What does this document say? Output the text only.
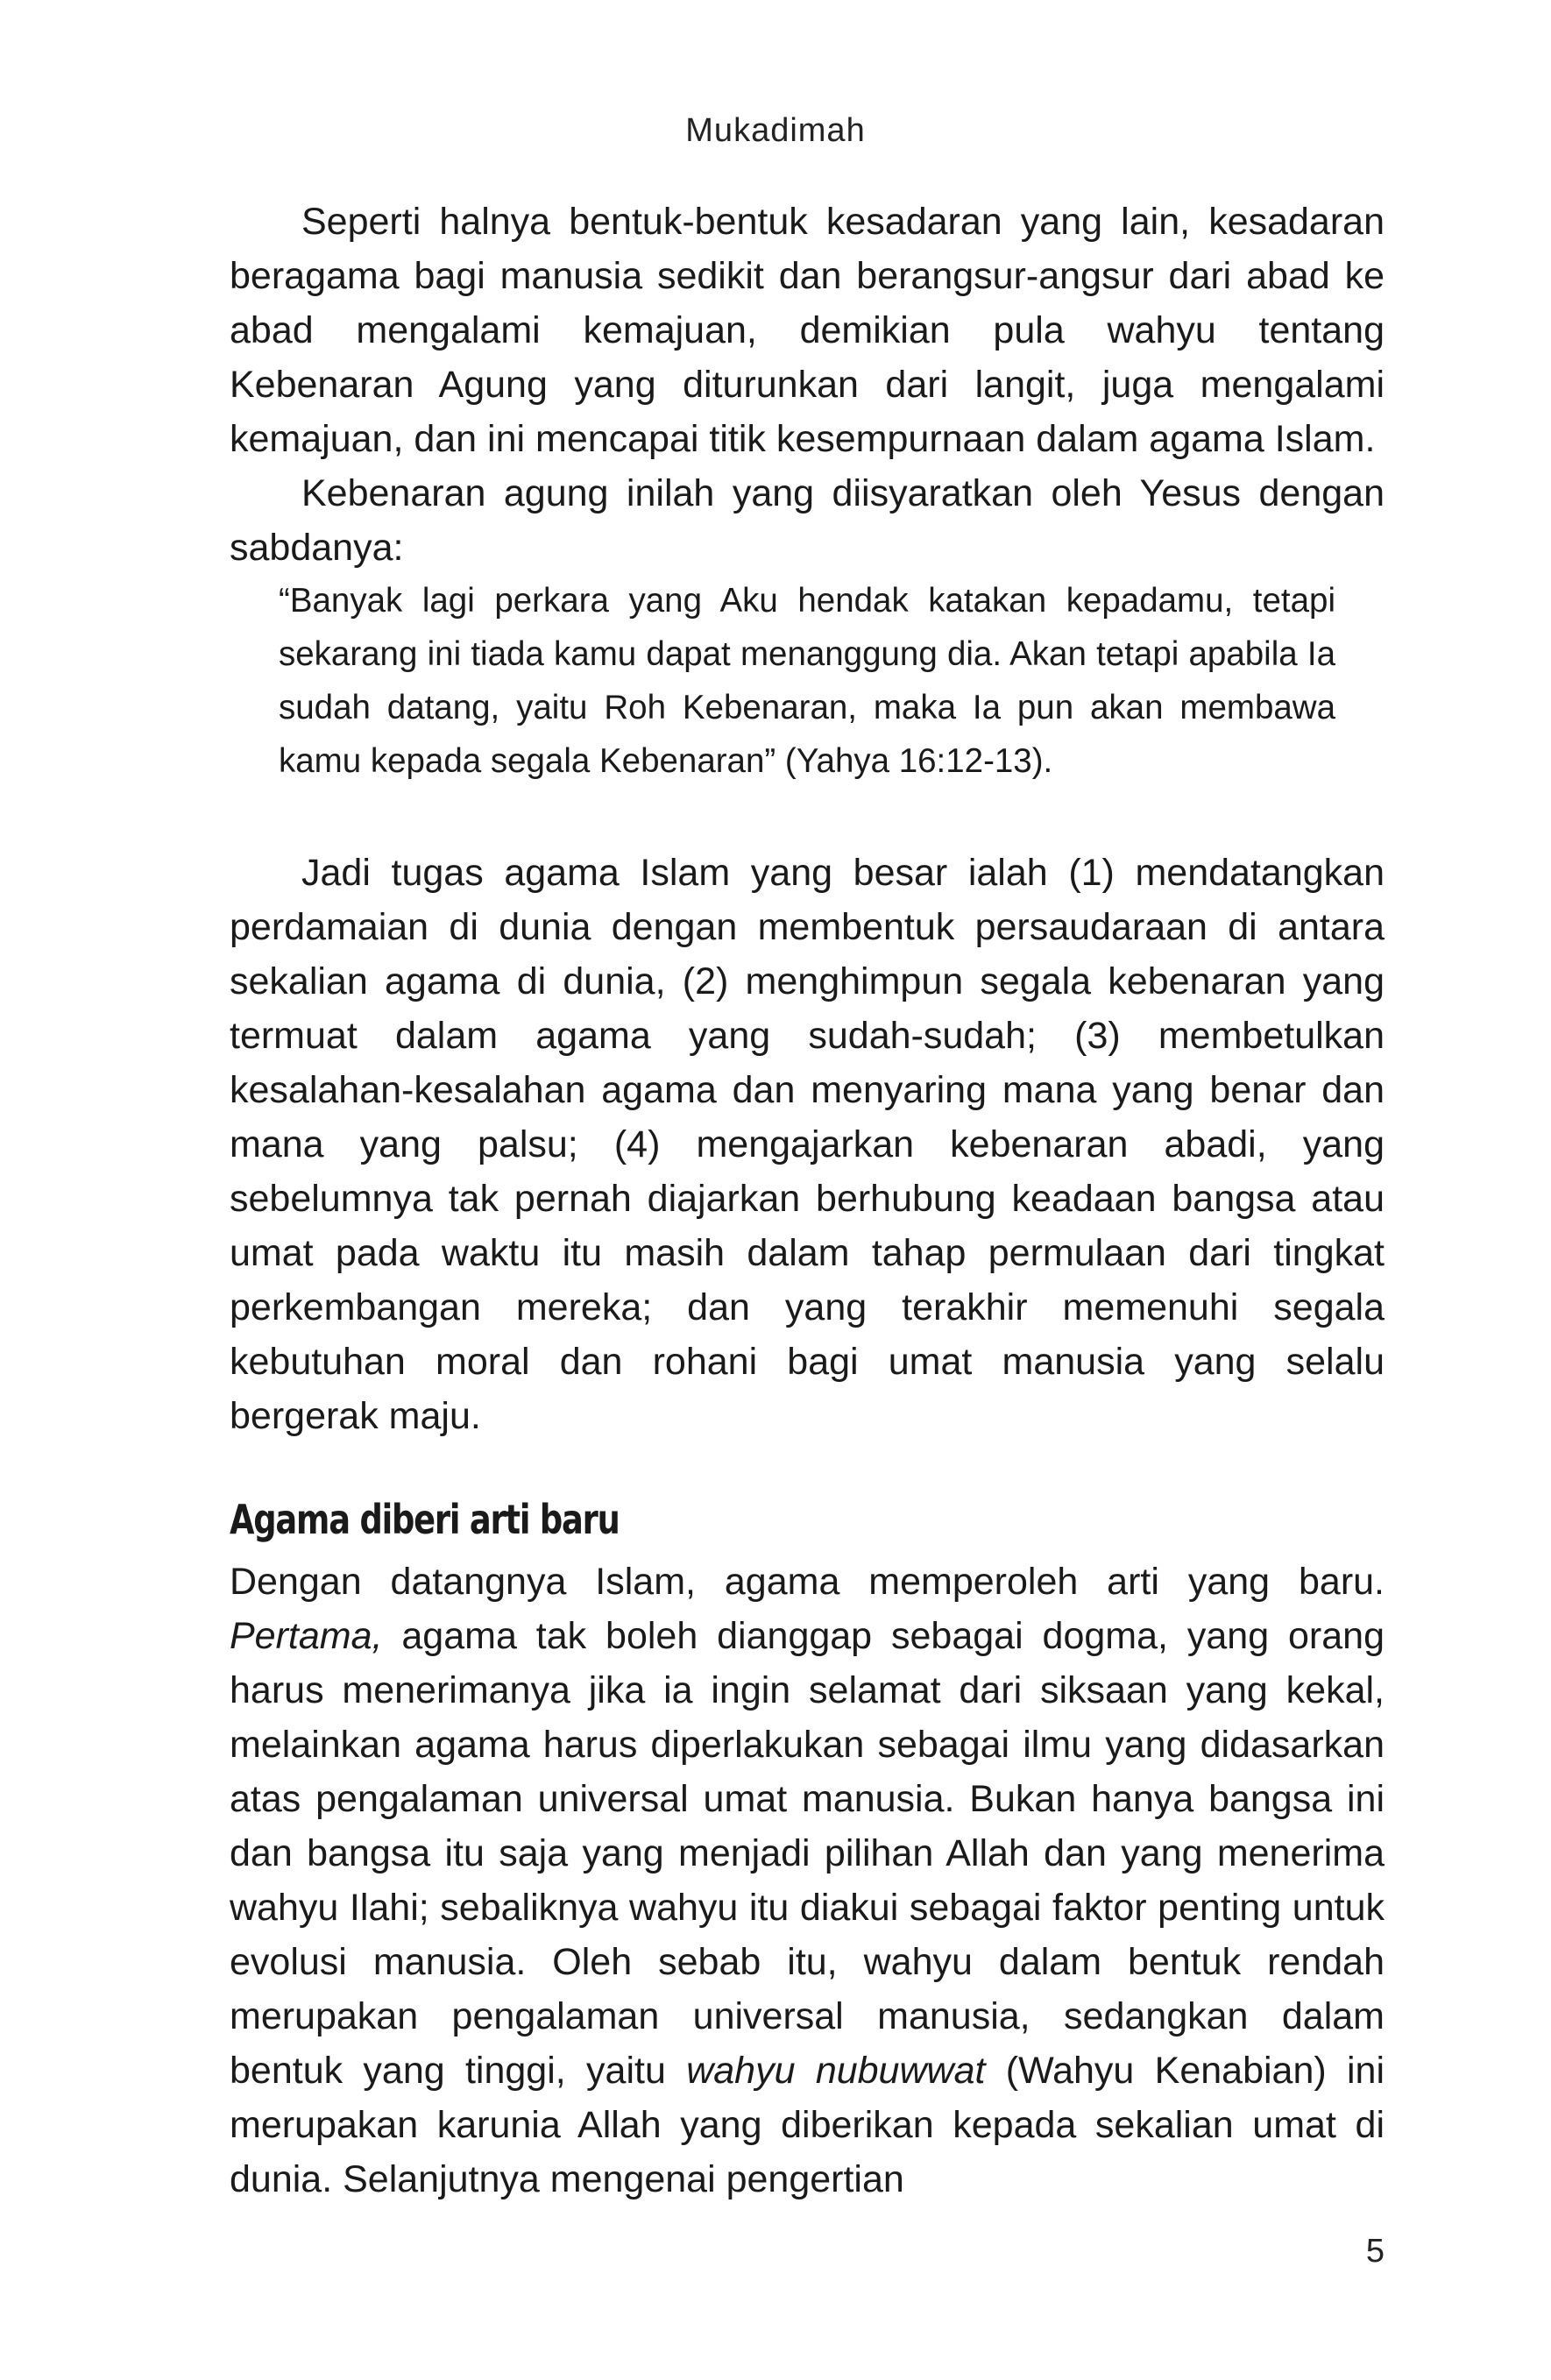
Mukadimah

Seperti halnya bentuk-bentuk kesadaran yang lain, kesadaran beragama bagi manusia sedikit dan berangsur-angsur dari abad ke abad mengalami kemajuan, demikian pula wahyu tentang Kebenaran Agung yang diturunkan dari langit, juga mengalami kemajuan, dan ini mencapai titik kesempurnaan dalam agama Islam.

Kebenaran agung inilah yang diisyaratkan oleh Yesus dengan sabdanya:

“Banyak lagi perkara yang Aku hendak katakan kepadamu, tetapi sekarang ini tiada kamu dapat menanggung dia. Akan tetapi apabila Ia sudah datang, yaitu Roh Kebenaran, maka Ia pun akan membawa kamu kepada segala Kebenaran” (Yahya 16:12-13).

Jadi tugas agama Islam yang besar ialah (1) mendatangkan perdamaian di dunia dengan membentuk persaudaraan di antara sekalian agama di dunia, (2) menghimpun segala kebenaran yang termuat dalam agama yang sudah-sudah; (3) membetulkan kesalahan-kesalahan agama dan menyaring mana yang benar dan mana yang palsu; (4) mengajarkan kebenaran abadi, yang sebelumnya tak pernah diajarkan berhubung keadaan bangsa atau umat pada waktu itu masih dalam tahap permulaan dari tingkat perkembangan mereka; dan yang terakhir memenuhi segala kebutuhan moral dan rohani bagi umat manusia yang selalu bergerak maju.

Agama diberi arti baru

Dengan datangnya Islam, agama memperoleh arti yang baru. Pertama, agama tak boleh dianggap sebagai dogma, yang orang harus menerimanya jika ia ingin selamat dari siksaan yang kekal, melainkan agama harus diperlakukan sebagai ilmu yang didasarkan atas pengalaman universal umat manusia. Bukan hanya bangsa ini dan bangsa itu saja yang menjadi pilihan Allah dan yang menerima wahyu Ilahi; sebaliknya wahyu itu diakui sebagai faktor penting untuk evolusi manusia. Oleh sebab itu, wahyu dalam bentuk rendah merupakan pengalaman universal manusia, sedangkan dalam bentuk yang tinggi, yaitu wahyu nubuwwat (Wahyu Kenabian) ini merupakan karunia Allah yang diberikan kepada sekalian umat di dunia. Selanjutnya mengenai pengertian

5
